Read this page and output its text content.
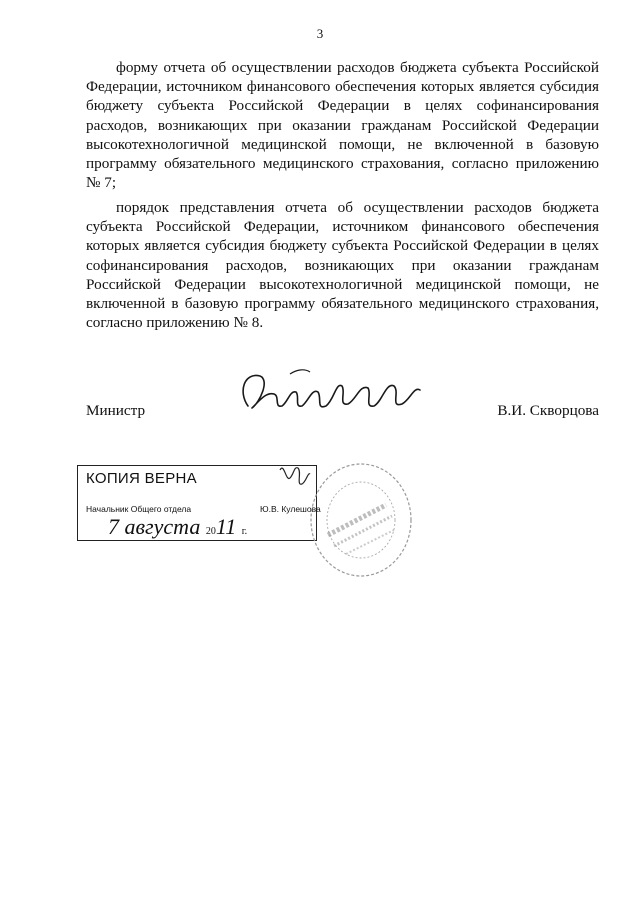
3

форму отчета об осуществлении расходов бюджета субъекта Российской Федерации, источником финансового обеспечения которых является субсидия бюджету субъекта Российской Федерации в целях софинансирования расходов, возникающих при оказании гражданам Российской Федерации высокотехнологичной медицинской помощи, не включенной в базовую программу обязательного медицинского страхования, согласно приложению № 7;

порядок представления отчета об осуществлении расходов бюджета субъекта Российской Федерации, источником финансового обеспечения которых является субсидия бюджету субъекта Российской Федерации в целях софинансирования расходов, возникающих при оказании гражданам Российской Федерации высокотехнологичной медицинской помощи, не включенной в базовую программу обязательного медицинского страхования, согласно приложению № 8.

Министр	В.И. Скворцова
КОПИЯ ВЕРНА
Начальник Общего отдела	Ю.В. Кулешова
7 августа 2011 г.
